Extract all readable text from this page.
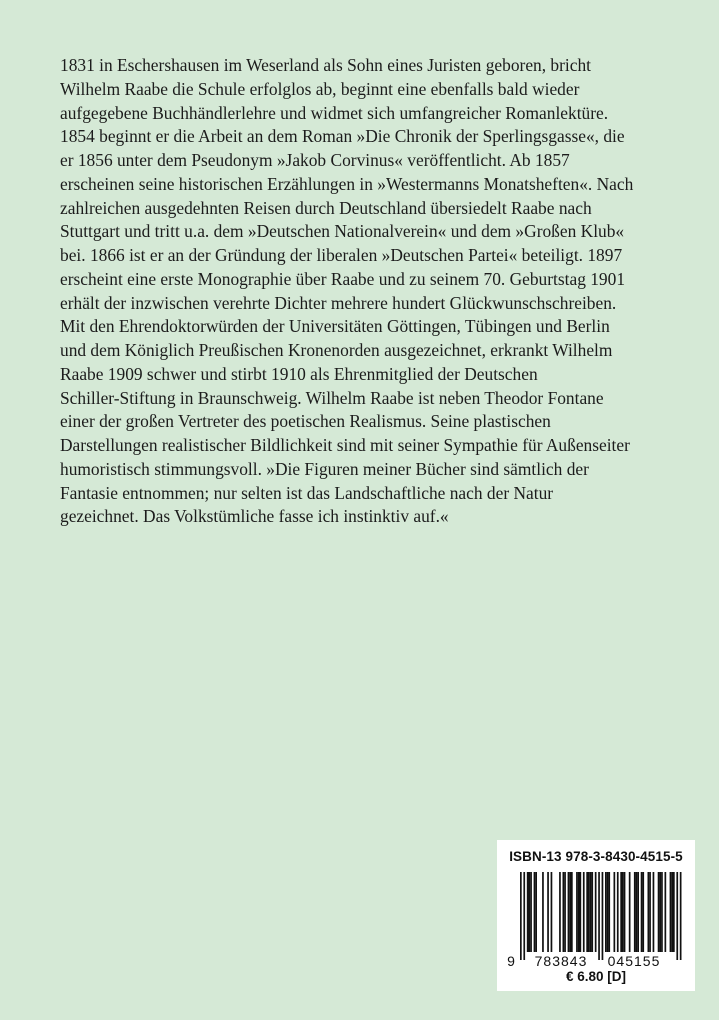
1831 in Eschershausen im Weserland als Sohn eines Juristen geboren, bricht
Wilhelm Raabe die Schule erfolglos ab, beginnt eine ebenfalls bald wieder
aufgegebene Buchhändlerlehre und widmet sich umfangreicher Romanlektüre.
1854 beginnt er die Arbeit an dem Roman »Die Chronik der Sperlingsgasse«, die
er 1856 unter dem Pseudonym »Jakob Corvinus« veröffentlicht. Ab 1857
erscheinen seine historischen Erzählungen in »Westermanns Monatsheften«. Nach
zahlreichen ausgedehnten Reisen durch Deutschland übersiedelt Raabe nach
Stuttgart und tritt u.a. dem »Deutschen Nationalverein« und dem »Großen Klub«
bei. 1866 ist er an der Gründung der liberalen »Deutschen Partei« beteiligt. 1897
erscheint eine erste Monographie über Raabe und zu seinem 70. Geburtstag 1901
erhält der inzwischen verehrte Dichter mehrere hundert Glückwunschschreiben.
Mit den Ehrendoktorwürden der Universitäten Göttingen, Tübingen und Berlin
und dem Königlich Preußischen Kronenorden ausgezeichnet, erkrankt Wilhelm
Raabe 1909 schwer und stirbt 1910 als Ehrenmitglied der Deutschen
Schiller-Stiftung in Braunschweig. Wilhelm Raabe ist neben Theodor Fontane
einer der großen Vertreter des poetischen Realismus. Seine plastischen
Darstellungen realistischer Bildlichkeit sind mit seiner Sympathie für Außenseiter
humoristisch stimmungsvoll. »Die Figuren meiner Bücher sind sämtlich der
Fantasie entnommen; nur selten ist das Landschaftliche nach der Natur
gezeichnet. Das Volkstümliche fasse ich instinktiv auf.«

ISBN-13 978-3-8430-4515-5
9 783843 045155
€ 6.80 [D]
